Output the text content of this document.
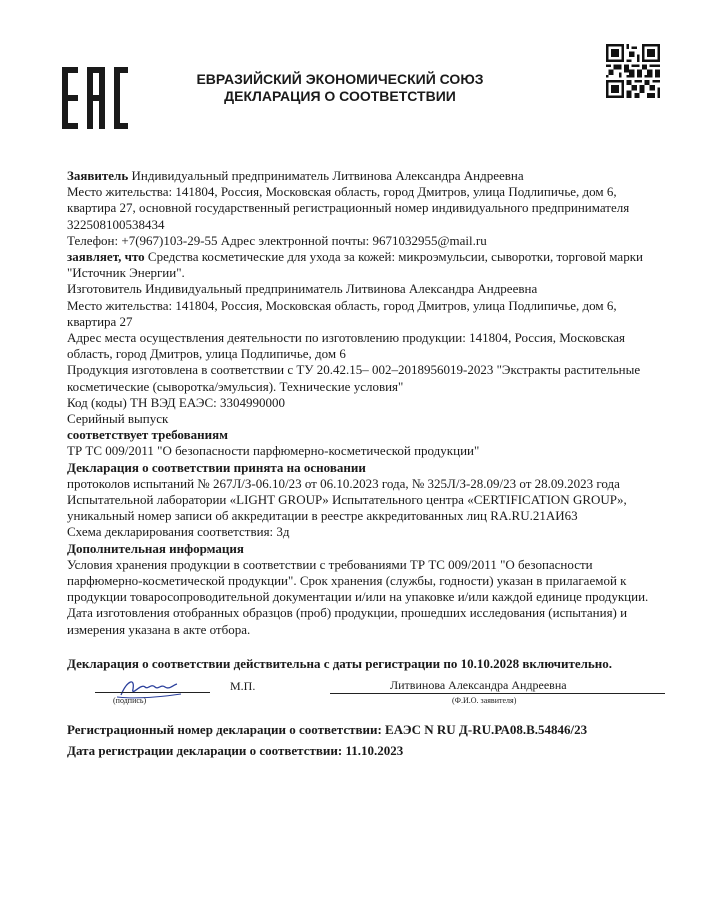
ЕВРАЗИЙСКИЙ ЭКОНОМИЧЕСКИЙ СОЮЗ
ДЕКЛАРАЦИЯ О СООТВЕТСТВИИ

Заявитель Индивидуальный предприниматель Литвинова Александра Андреевна

Место жительства: 141804, Россия, Московская область, город Дмитров, улица Подлипичье, дом 6, квартира 27, основной государственный регистрационный номер индивидуального предпринимателя 322508100538434

Телефон: +7(967)103-29-55 Адрес электронной почты: 9671032955@mail.ru

заявляет, что Средства косметические для ухода за кожей: микроэмульсии, сыворотки, торговой марки "Источник Энергии".

Изготовитель Индивидуальный предприниматель Литвинова Александра Андреевна

Место жительства: 141804, Россия, Московская область, город Дмитров, улица Подлипичье, дом 6, квартира 27

Адрес места осуществления деятельности по изготовлению продукции: 141804, Россия, Московская область, город Дмитров, улица Подлипичье, дом 6

Продукция изготовлена в соответствии с ТУ 20.42.15– 002–2018956019-2023 "Экстракты растительные косметические (сыворотка/эмульсия). Технические условия"

Код (коды) ТН ВЭД ЕАЭС: 3304990000

Серийный выпуск

соответствует требованиям

ТР ТС 009/2011 "О безопасности парфюмерно-косметической продукции"

Декларация о соответствии принята на основании

протоколов испытаний № 267Л/З-06.10/23 от 06.10.2023 года, № 325Л/З-28.09/23 от 28.09.2023 года Испытательной лаборатории «LIGHT GROUP» Испытательного центра «CERTIFICATION GROUP», уникальный номер записи об аккредитации в реестре аккредитованных лиц RA.RU.21АИ63

Схема декларирования соответствия: 3д

Дополнительная информация

Условия хранения продукции в соответствии с требованиями ТР ТС 009/2011 "О безопасности парфюмерно-косметической продукции". Срок хранения (службы, годности) указан в прилагаемой к продукции товаросопроводительной документации и/или на упаковке и/или каждой единице продукции. Дата изготовления отобранных образцов (проб) продукции, прошедших исследования (испытания) и измерения указана в акте отбора.

Декларация о соответствии действительна с даты регистрации по 10.10.2028 включительно.
(подпись)
М.П.	Литвинова Александра Андреевна
(Ф.И.О. заявителя)
Регистрационный номер декларации о соответствии: ЕАЭС N RU Д-RU.РА08.В.54846/23
Дата регистрации декларации о соответствии: 11.10.2023
